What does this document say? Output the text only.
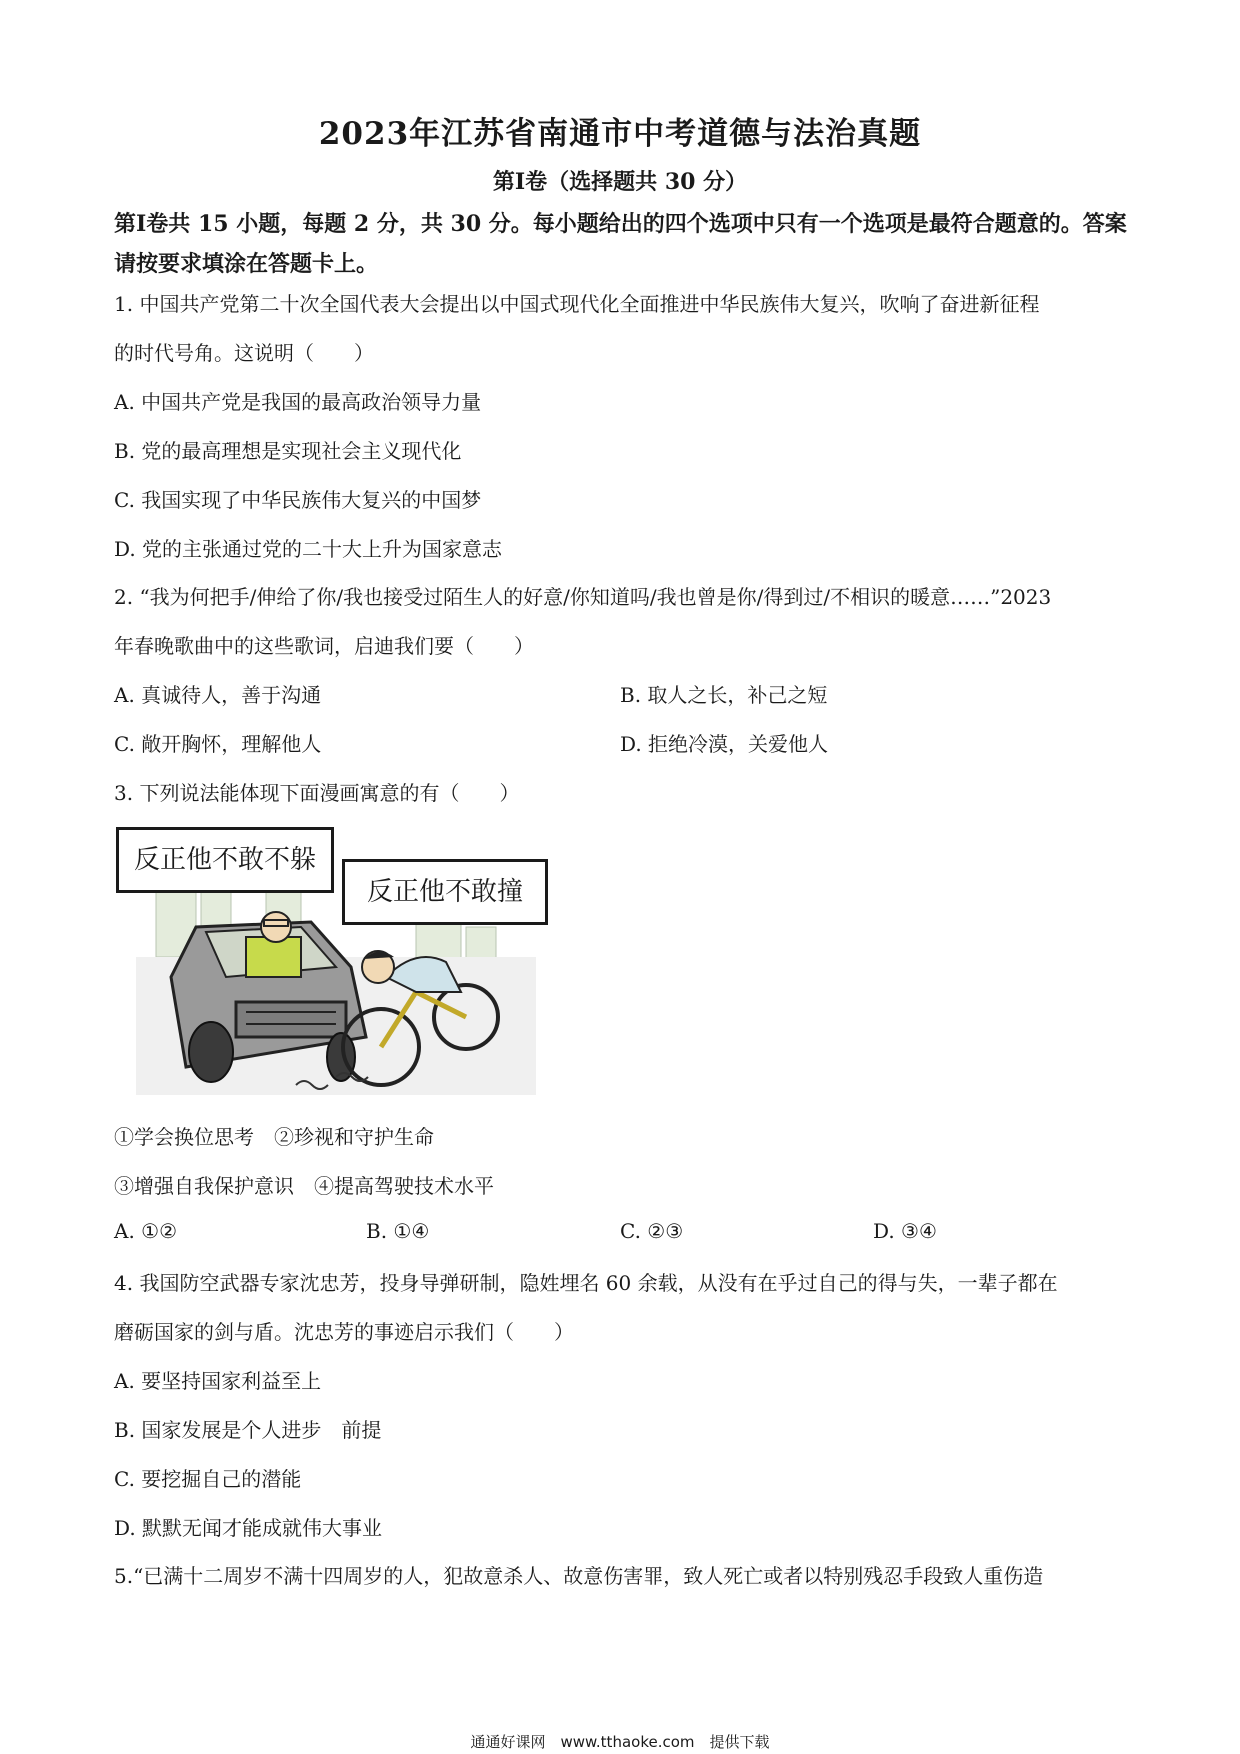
2023年江苏省南通市中考道德与法治真题
第Ⅰ卷（选择题共 30 分）
第Ⅰ卷共 15 小题，每题 2 分，共 30 分。每小题给出的四个选项中只有一个选项是最符合题意的。答案请按要求填涂在答题卡上。
1. 中国共产党第二十次全国代表大会提出以中国式现代化全面推进中华民族伟大复兴，吹响了奋进新征程
的时代号角。这说明（　　）
A. 中国共产党是我国的最高政治领导力量
B. 党的最高理想是实现社会主义现代化
C. 我国实现了中华民族伟大复兴的中国梦
D. 党的主张通过党的二十大上升为国家意志
2. “我为何把手/伸给了你/我也接受过陌生人的好意/你知道吗/我也曾是你/得到过/不相识的暖意……”2023
年春晚歌曲中的这些歌词，启迪我们要（　　）
A. 真诚待人，善于沟通	B. 取人之长，补己之短
C. 敞开胸怀，理解他人	D. 拒绝冷漠，关爱他人
3. 下列说法能体现下面漫画寓意的有（　　）
反正他不敢不躲
反正他不敢撞
①学会换位思考　②珍视和守护生命
③增强自我保护意识　④提高驾驶技术水平
A. ①②	B. ①④	C. ②③	D. ③④
4. 我国防空武器专家沈忠芳，投身导弹研制，隐姓埋名 60 余载，从没有在乎过自己的得与失，一辈子都在
磨砺国家的剑与盾。沈忠芳的事迹启示我们（　　）
A. 要坚持国家利益至上
B. 国家发展是个人进步　前提
C. 要挖掘自己的潜能
D. 默默无闻才能成就伟大事业
5.“已满十二周岁不满十四周岁的人，犯故意杀人、故意伤害罪，致人死亡或者以特别残忍手段致人重伤造
通通好课网　www.tthaoke.com　提供下载
